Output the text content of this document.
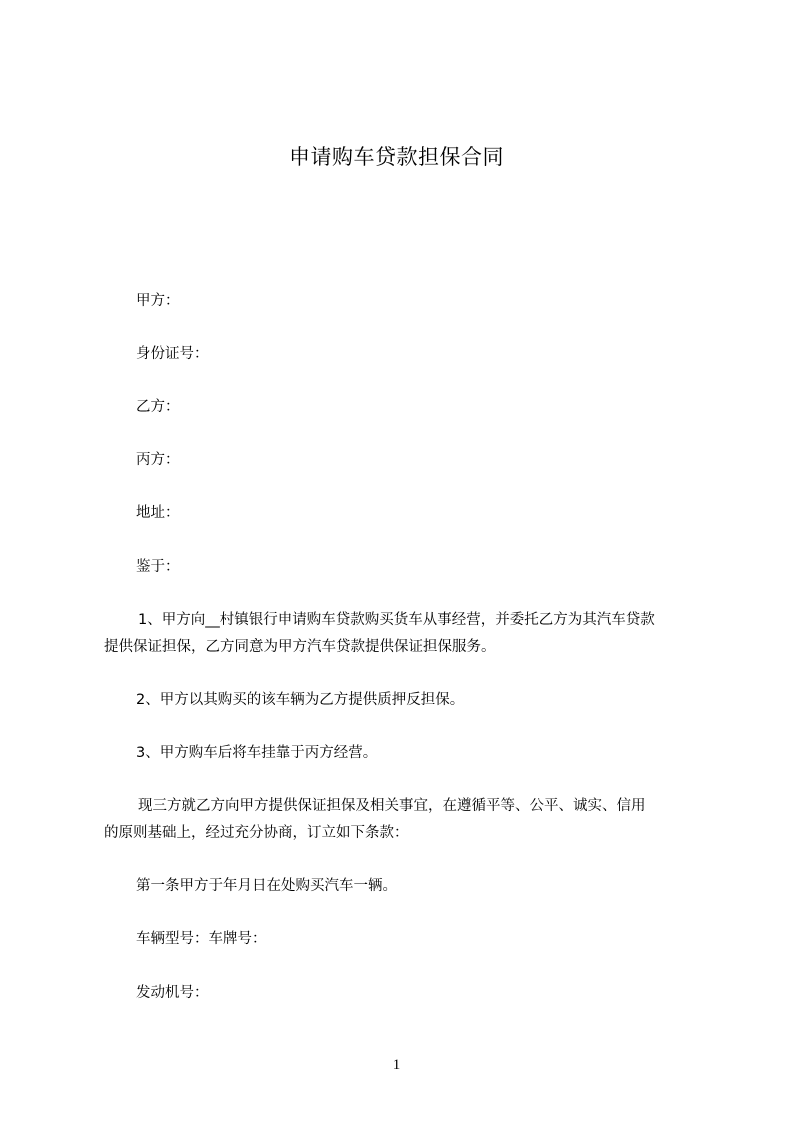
申请购车贷款担保合同
甲方：
身份证号：
乙方：
丙方：
地址：
鉴于：
1、甲方向__村镇银行申请购车贷款购买货车从事经营，并委托乙方为其汽车贷款
提供保证担保，乙方同意为甲方汽车贷款提供保证担保服务。
2、甲方以其购买的该车辆为乙方提供质押反担保。
3、甲方购车后将车挂靠于丙方经营。
现三方就乙方向甲方提供保证担保及相关事宜，在遵循平等、公平、诚实、信用
的原则基础上，经过充分协商，订立如下条款：
第一条甲方于年月日在处购买汽车一辆。
车辆型号：车牌号：
发动机号：
1
